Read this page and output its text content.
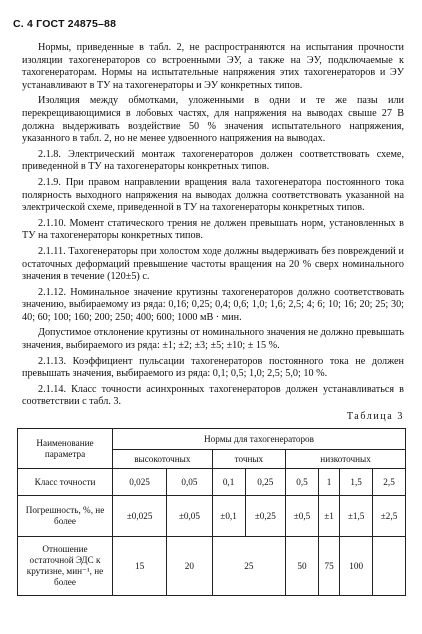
С. 4 ГОСТ 24875–88

Нормы, приведенные в табл. 2, не распространяются на испытания прочности изоляции тахогенераторов со встроенными ЭУ, а также на ЭУ, подключаемые к тахогенераторам. Нормы на испытательные напряжения этих тахогенераторов и ЭУ устанавливают в ТУ на тахогенераторы и ЭУ конкретных типов.

Изоляция между обмотками, уложенными в одни и те же пазы или перекрещивающимися в лобовых частях, для напряжения на выводах свыше 27 В должна выдерживать воздействие 50 % значения испытательного напряжения, указанного в табл. 2, но не менее удвоенного напряжения на выводах.

2.1.8. Электрический монтаж тахогенераторов должен соответствовать схеме, приведенной в ТУ на тахогенераторы конкретных типов.

2.1.9. При правом направлении вращения вала тахогенератора постоянного тока полярность выходного напряжения на выводах должна соответствовать указанной на электрической схеме, приведенной в ТУ на тахогенераторы конкретных типов.

2.1.10. Момент статического трения не должен превышать норм, установленных в ТУ на тахогенераторы конкретных типов.

2.1.11. Тахогенераторы при холостом ходе должны выдерживать без повреждений и остаточных деформаций превышение частоты вращения на 20 % сверх номинального значения в течение (120±5) с.

2.1.12. Номинальное значение крутизны тахогенераторов должно соответствовать значению, выбираемому из ряда: 0,16; 0,25; 0,4; 0,6; 1,0; 1,6; 2,5; 4; 6; 10; 16; 20; 25; 30; 40; 60; 100; 160; 200; 250; 400; 600; 1000 мВ · мин.

Допустимое отклонение крутизны от номинального значения не должно превышать значения, выбираемого из ряда: ±1; ±2; ±3; ±5; ±10; ± 15 %.

2.1.13. Коэффициент пульсации тахогенераторов постоянного тока не должен превышать значения, выбираемого из ряда: 0,1; 0,5; 1,0; 2,5; 5,0; 10 %.

2.1.14. Класс точности асинхронных тахогенераторов должен устанавливаться в соответствии с табл. 3.

Таблица 3
Наименование параметра	Нормы для тахогенераторов							
	высокоточных		точных		низкоточных			
Класс точности	0,025	0,05	0,1	0,25	0,5	1	1,5	2,5
Погрешность, %, не более	±0,025	±0,05	±0,1	±0,25	±0,5	±1	±1,5	±2,5
Отношение остаточной ЭДС к крутизне, мин⁻¹, не более	15	20	25		50	75	100	
